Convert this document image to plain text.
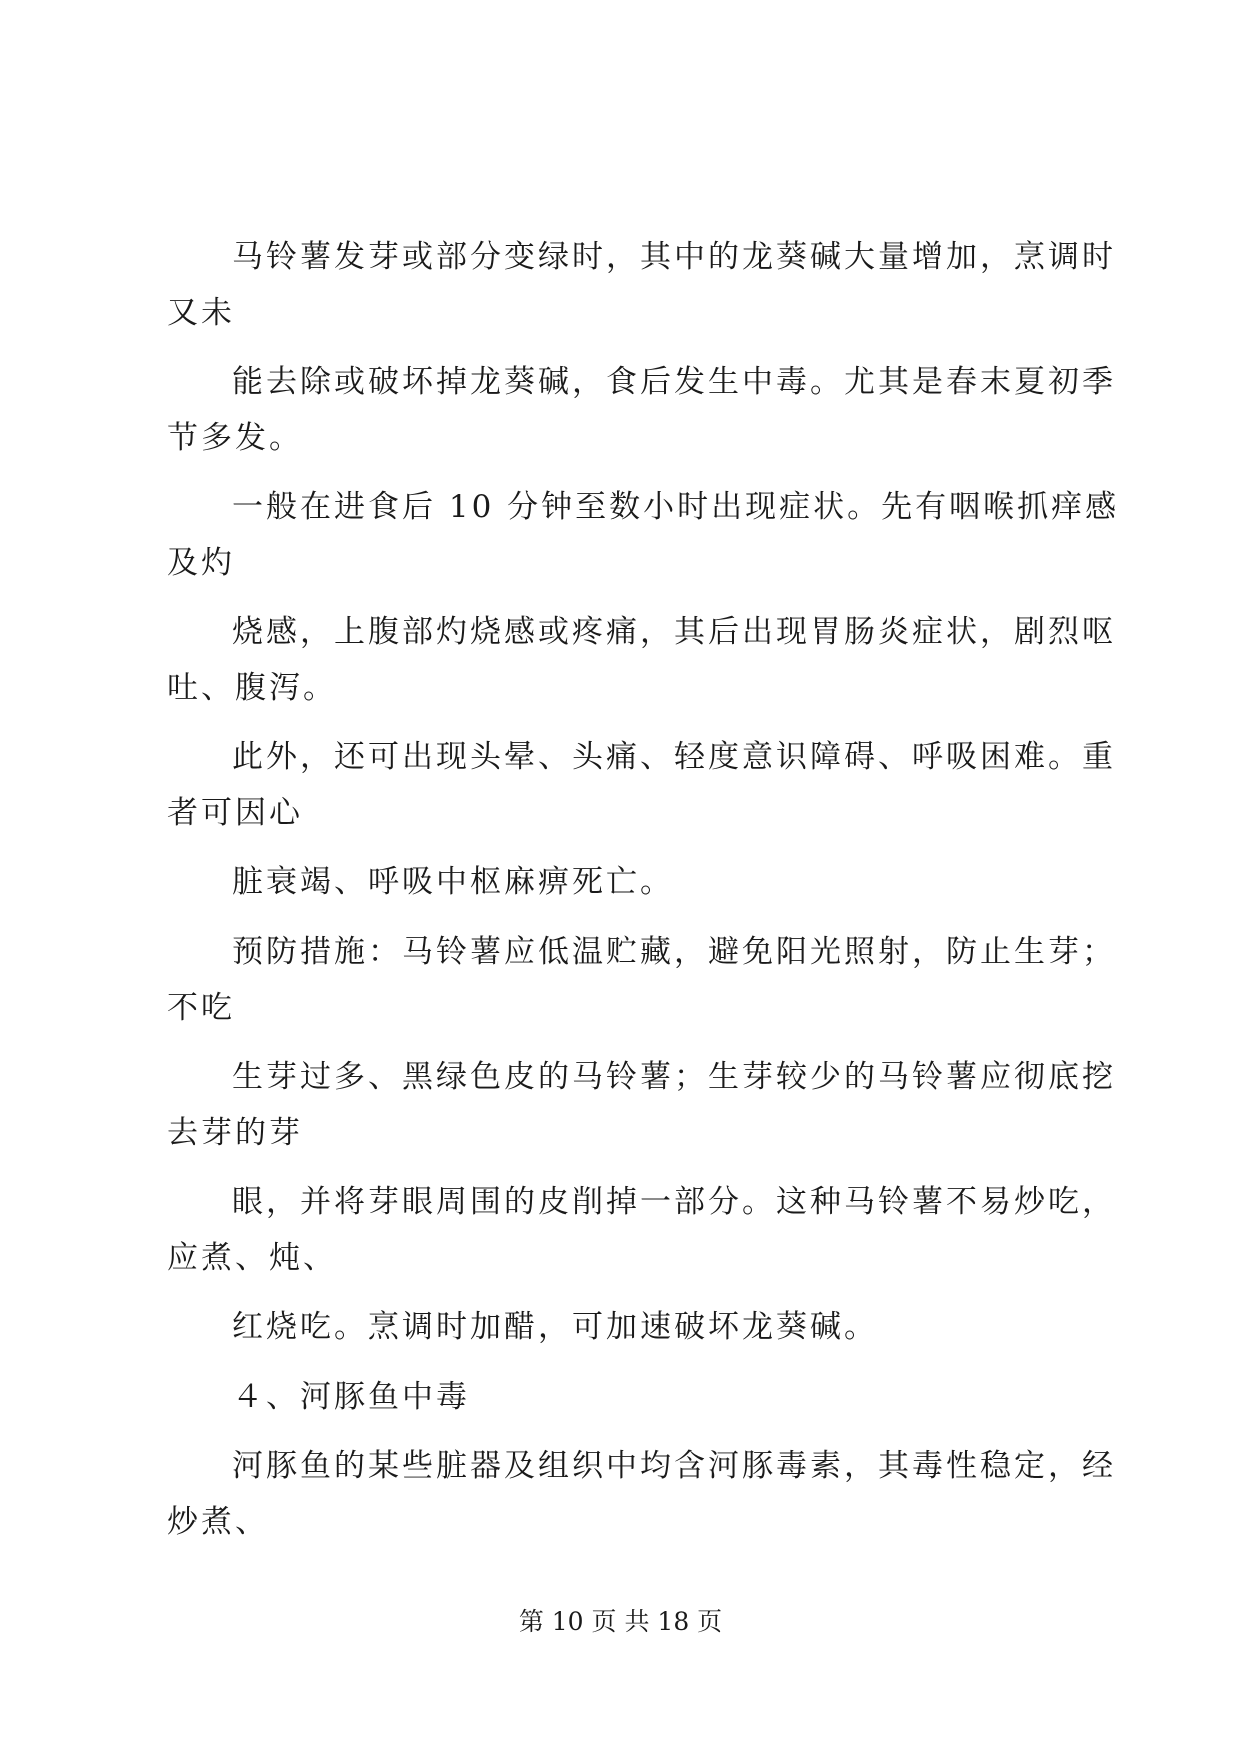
马铃薯发芽或部分变绿时，其中的龙葵碱大量增加，烹调时
又未
能去除或破坏掉龙葵碱，食后发生中毒。尤其是春末夏初季
节多发。
一般在进食后 10 分钟至数小时出现症状。先有咽喉抓痒感
及灼
烧感，上腹部灼烧感或疼痛，其后出现胃肠炎症状，剧烈呕
吐、腹泻。
此外，还可出现头晕、头痛、轻度意识障碍、呼吸困难。重
者可因心
脏衰竭、呼吸中枢麻痹死亡。
预防措施：马铃薯应低温贮藏，避免阳光照射，防止生芽；
不吃
生芽过多、黑绿色皮的马铃薯；生芽较少的马铃薯应彻底挖
去芽的芽
眼，并将芽眼周围的皮削掉一部分。这种马铃薯不易炒吃，
应煮、炖、
红烧吃。烹调时加醋，可加速破坏龙葵碱。
４、河豚鱼中毒
河豚鱼的某些脏器及组织中均含河豚毒素，其毒性稳定，经
炒煮、
第 10 页 共 18 页
